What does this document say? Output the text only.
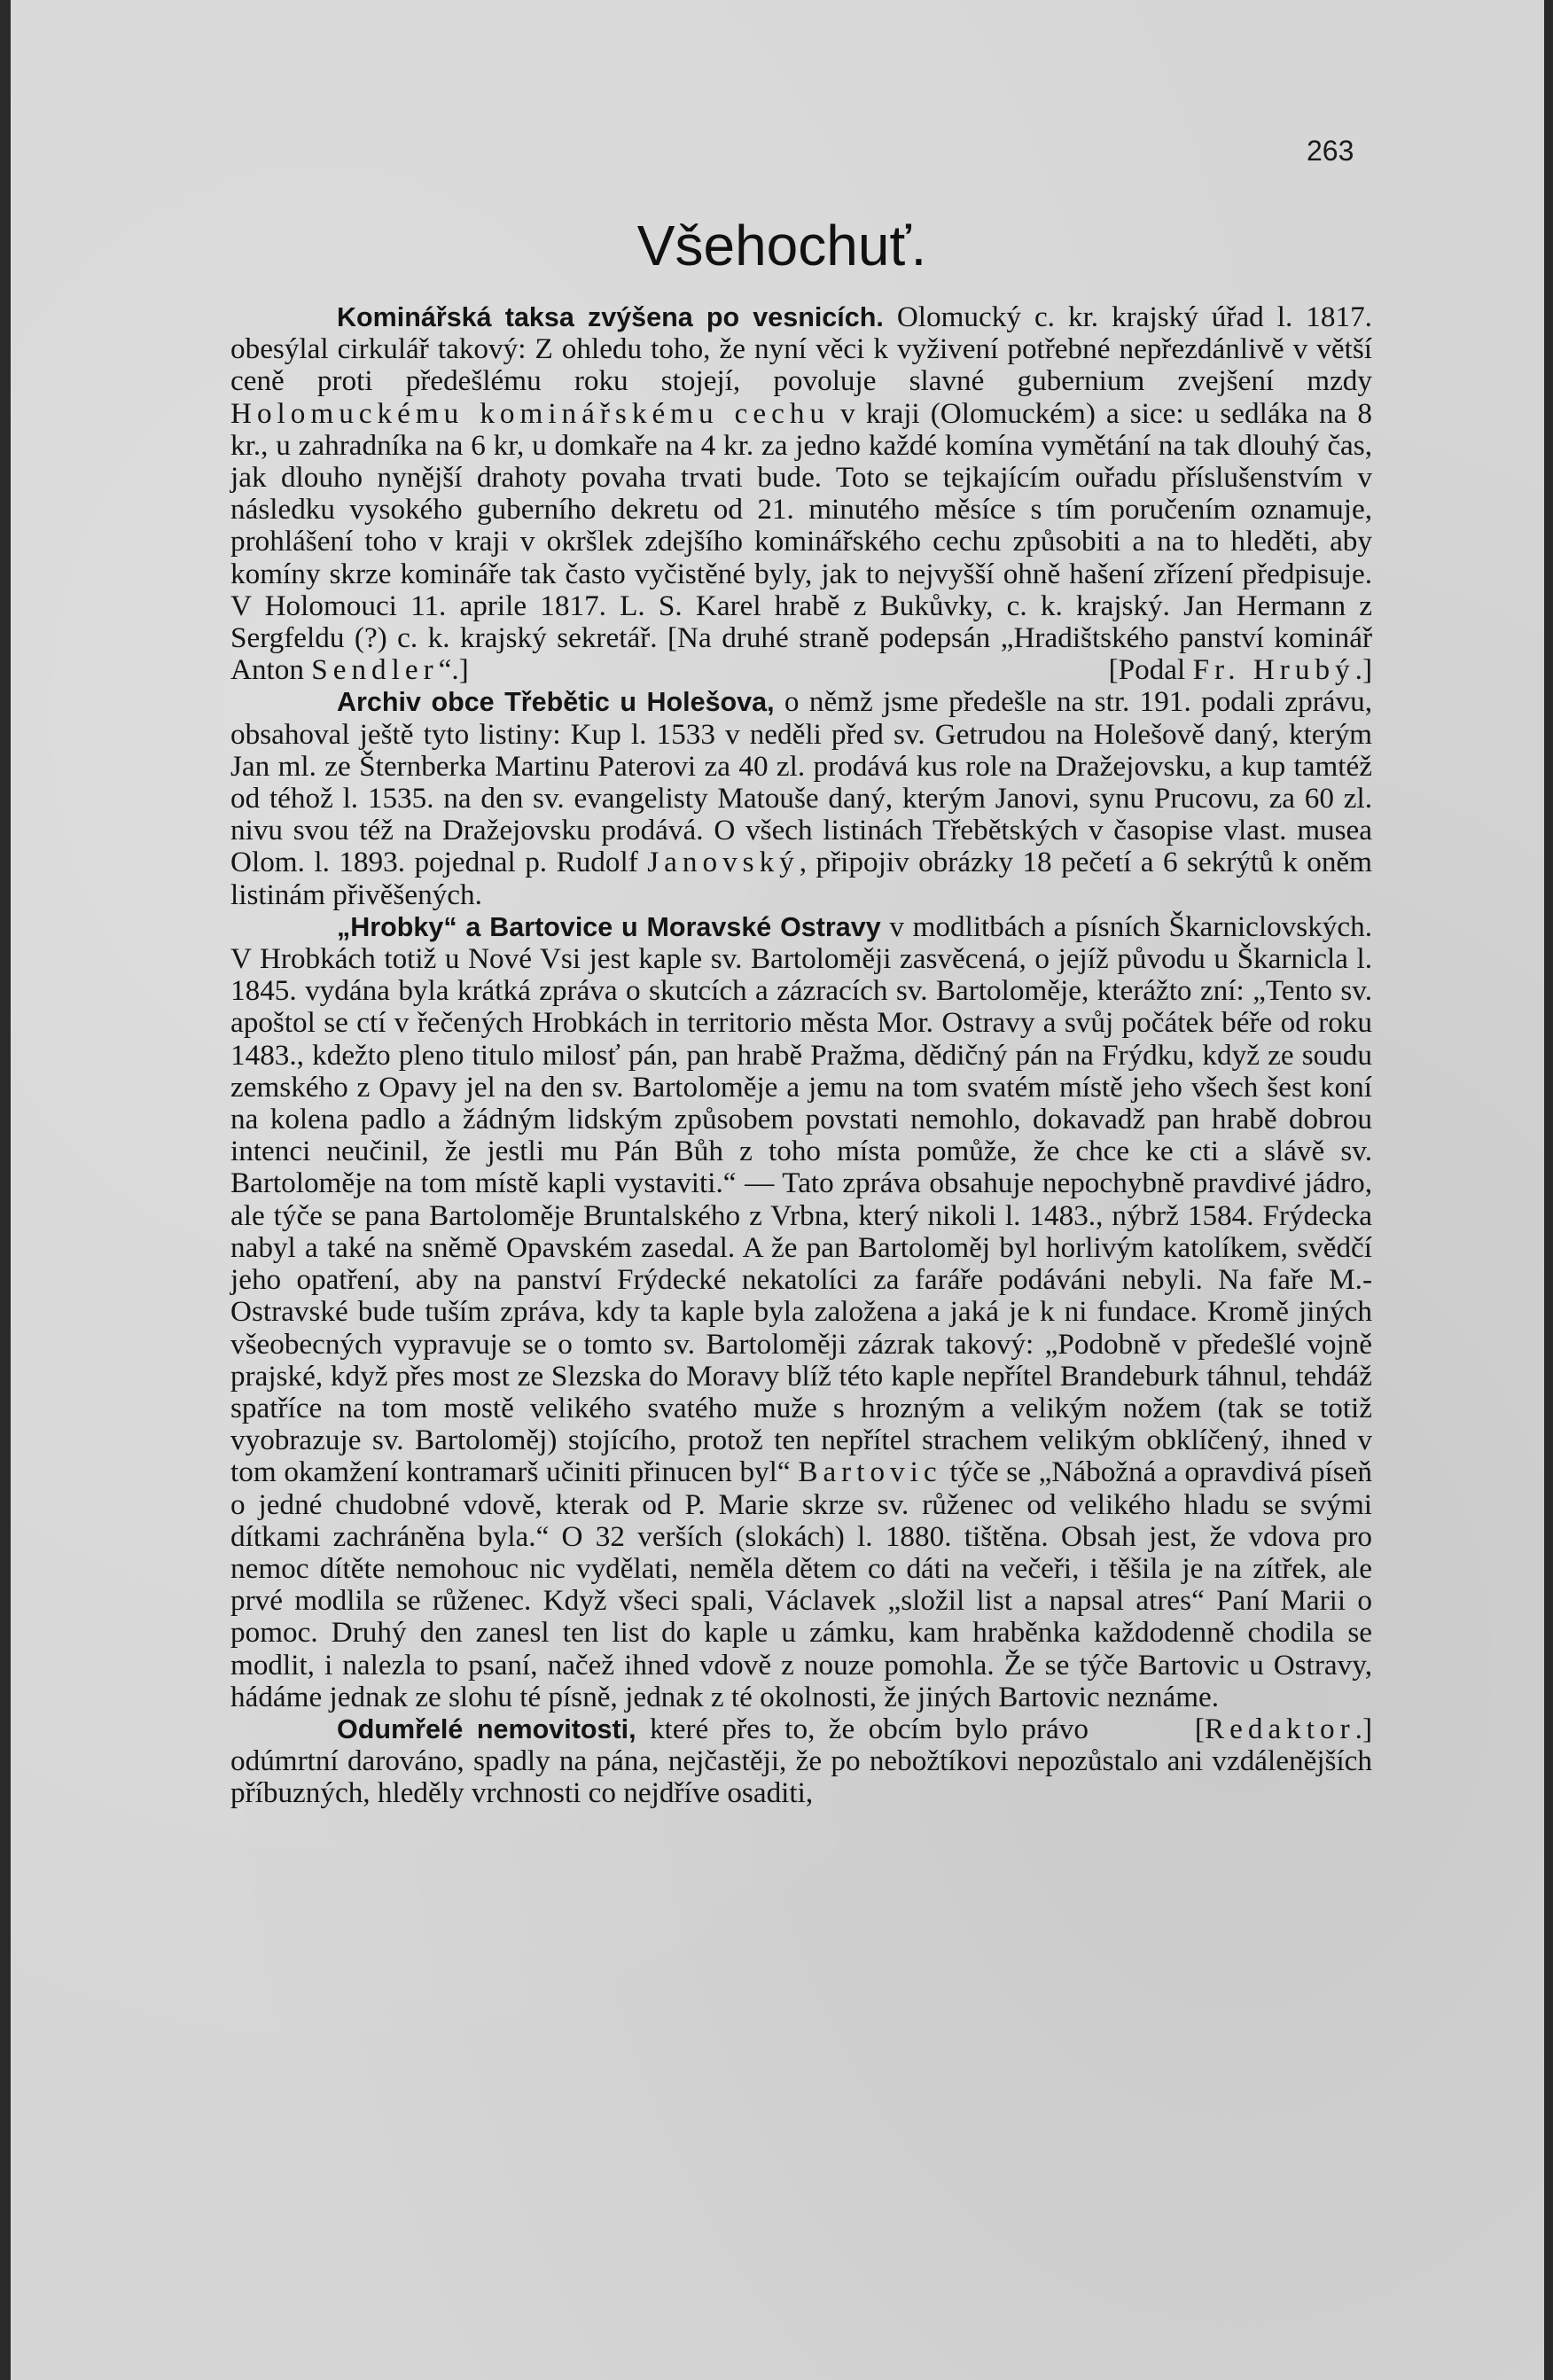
263
Všehochuť.

Kominářská taksa zvýšena po vesnicích. Olomucký c. kr. krajský úřad l. 1817. obesýlal cirkulář takový: Z ohledu toho, že nyní věci k vyživení potřebné nepřezdánlivě v větší ceně proti předešlému roku stojejí, povoluje slavné gubernium zvejšení mzdy Holomuckému kominářskému cechu v kraji (Olomuckém) a sice: u sedláka na 8 kr., u zahradníka na 6 kr, u domkaře na 4 kr. za jedno každé komína vymětání na tak dlouhý čas, jak dlouho nynější drahoty povaha trvati bude. Toto se tejkajícím ouřadu příslušenstvím v následku vysokého guberního dekretu od 21. minutého měsíce s tím poručením oznamuje, prohlášení toho v kraji v okršlek zdejšího kominářského cechu způsobiti a na to hleděti, aby komíny skrze komináře tak často vyčistěné byly, jak to nejvyšší ohně hašení zřízení předpisuje. V Holomouci 11. aprile 1817. L. S. Karel hrabě z Bukůvky, c. k. krajský. Jan Hermann z Sergfeldu (?) c. k. krajský sekretář. [Na druhé straně podepsán „Hradištského panství kominář Anton Sendler“.]	[Podal Fr. Hrubý.]

Archiv obce Třebětic u Holešova, o němž jsme předešle na str. 191. podali zprávu, obsahoval ještě tyto listiny: Kup l. 1533 v neděli před sv. Getrudou na Holešově daný, kterým Jan ml. ze Šternberka Martinu Paterovi za 40 zl. prodává kus role na Dražejovsku, a kup tamtéž od téhož l. 1535. na den sv. evangelisty Matouše daný, kterým Janovi, synu Prucovu, za 60 zl. nivu svou též na Dražejovsku prodává. O všech listinách Třebětských v časopise vlast. musea Olom. l. 1893. pojednal p. Rudolf Janovský, připojiv obrázky 18 pečetí a 6 sekrýtů k oněm listinám přivěšených.

„Hrobky“ a Bartovice u Moravské Ostravy v modlitbách a písních Škarniclovských. V Hrobkách totiž u Nové Vsi jest kaple sv. Bartoloměji zasvěcená, o jejíž původu u Škarnicla l. 1845. vydána byla krátká zpráva o skutcích a zázracích sv. Bartoloměje, kterážto zní: „Tento sv. apoštol se ctí v řečených Hrobkách in territorio města Mor. Ostravy a svůj počátek béře od roku 1483., kdežto pleno titulo milosť pán, pan hrabě Pražma, dědičný pán na Frýdku, když ze soudu zemského z Opavy jel na den sv. Bartoloměje a jemu na tom svatém místě jeho všech šest koní na kolena padlo a žádným lidským způsobem povstati nemohlo, dokavadž pan hrabě dobrou intenci neučinil, že jestli mu Pán Bůh z toho místa pomůže, že chce ke cti a slávě sv. Bartoloměje na tom místě kapli vystaviti.“ — Tato zpráva obsahuje nepochybně pravdivé jádro, ale týče se pana Bartoloměje Bruntalského z Vrbna, který nikoli l. 1483., nýbrž 1584. Frýdecka nabyl a také na sněmě Opavském zasedal. A že pan Bartoloměj byl horlivým katolíkem, svědčí jeho opatření, aby na panství Frýdecké nekatolíci za faráře podáváni nebyli. Na faře M.-Ostravské bude tuším zpráva, kdy ta kaple byla založena a jaká je k ni fundace. Kromě jiných všeobecných vypravuje se o tomto sv. Bartoloměji zázrak takový: „Podobně v předešlé vojně prajské, když přes most ze Slezska do Moravy blíž této kaple nepřítel Brandeburk táhnul, tehdáž spatříce na tom mostě velikého svatého muže s hrozným a velikým nožem (tak se totiž vyobrazuje sv. Bartoloměj) stojícího, protož ten nepřítel strachem velikým obklíčený, ihned v tom okamžení kontramarš učiniti přinucen byl“ Bartovic týče se „Nábožná a opravdivá píseň o jedné chudobné vdově, kterak od P. Marie skrze sv. růženec od velikého hladu se svými dítkami zachráněna byla.“ O 32 verších (slokách) l. 1880. tištěna. Obsah jest, že vdova pro nemoc dítěte nemohouc nic vydělati, neměla dětem co dáti na večeři, i těšila je na zítřek, ale prvé modlila se růženec. Když všeci spali, Václavek „složil list a napsal atres“ Paní Marii o pomoc. Druhý den zanesl ten list do kaple u zámku, kam hraběnka každodenně chodila se modlit, i nalezla to psaní, načež ihned vdově z nouze pomohla. Že se týče Bartovic u Ostravy, hádáme jednak ze slohu té písně, jednak z té okolnosti, že jiných Bartovic neznáme.
[Redaktor.]

Odumřelé nemovitosti, které přes to, že obcím bylo právo odúmrtní darováno, spadly na pána, nejčastěji, že po nebožtíkovi nepozůstalo ani vzdálenějších příbuzných, hleděly vrchnosti co nejdříve osaditi,
